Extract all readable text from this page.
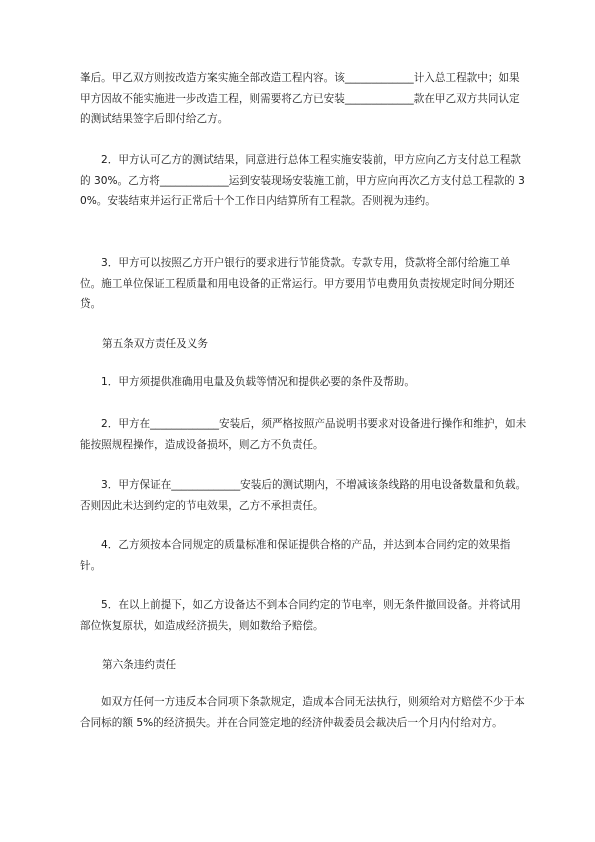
峯后。甲乙双方则按改造方案实施全部改造工程内容。该_____________计入总工程款中；如果甲方因故不能实施进一步改造工程，则需要将乙方已安装_____________款在甲乙双方共同认定的测试结果签字后即付给乙方。

2．甲方认可乙方的测试结果，同意进行总体工程实施安装前，甲方应向乙方支付总工程款的 30%。乙方将_____________运到安装现场安装施工前，甲方应向再次乙方支付总工程款的 30%。安装结束并运行正常后十个工作日内结算所有工程款。否则视为违约。

3．甲方可以按照乙方开户银行的要求进行节能贷款。专款专用，贷款将全部付给施工单位。施工单位保证工程质量和用电设备的正常运行。甲方要用节电费用负责按规定时间分期还贷。

第五条双方责任及义务

1．甲方须提供准确用电量及负载等情况和提供必要的条件及帮助。

2．甲方在_____________安装后，须严格按照产品说明书要求对设备进行操作和维护，如未能按照规程操作，造成设备损坏，则乙方不负责任。

3．甲方保证在_____________安装后的测试期内，不增减该条线路的用电设备数量和负载。否则因此未达到约定的节电效果，乙方不承担责任。

4．乙方须按本合同规定的质量标准和保证提供合格的产品，并达到本合同约定的效果指针。

5．在以上前提下，如乙方设备达不到本合同约定的节电率，则无条件撤回设备。并将试用部位恢复原状，如造成经济损失，则如数给予赔偿。

第六条违约责任

如双方任何一方违反本合同项下条款规定，造成本合同无法执行，则须给对方赔偿不少于本合同标的额 5%的经济损失。并在合同签定地的经济仲裁委员会裁决后一个月内付给对方。
